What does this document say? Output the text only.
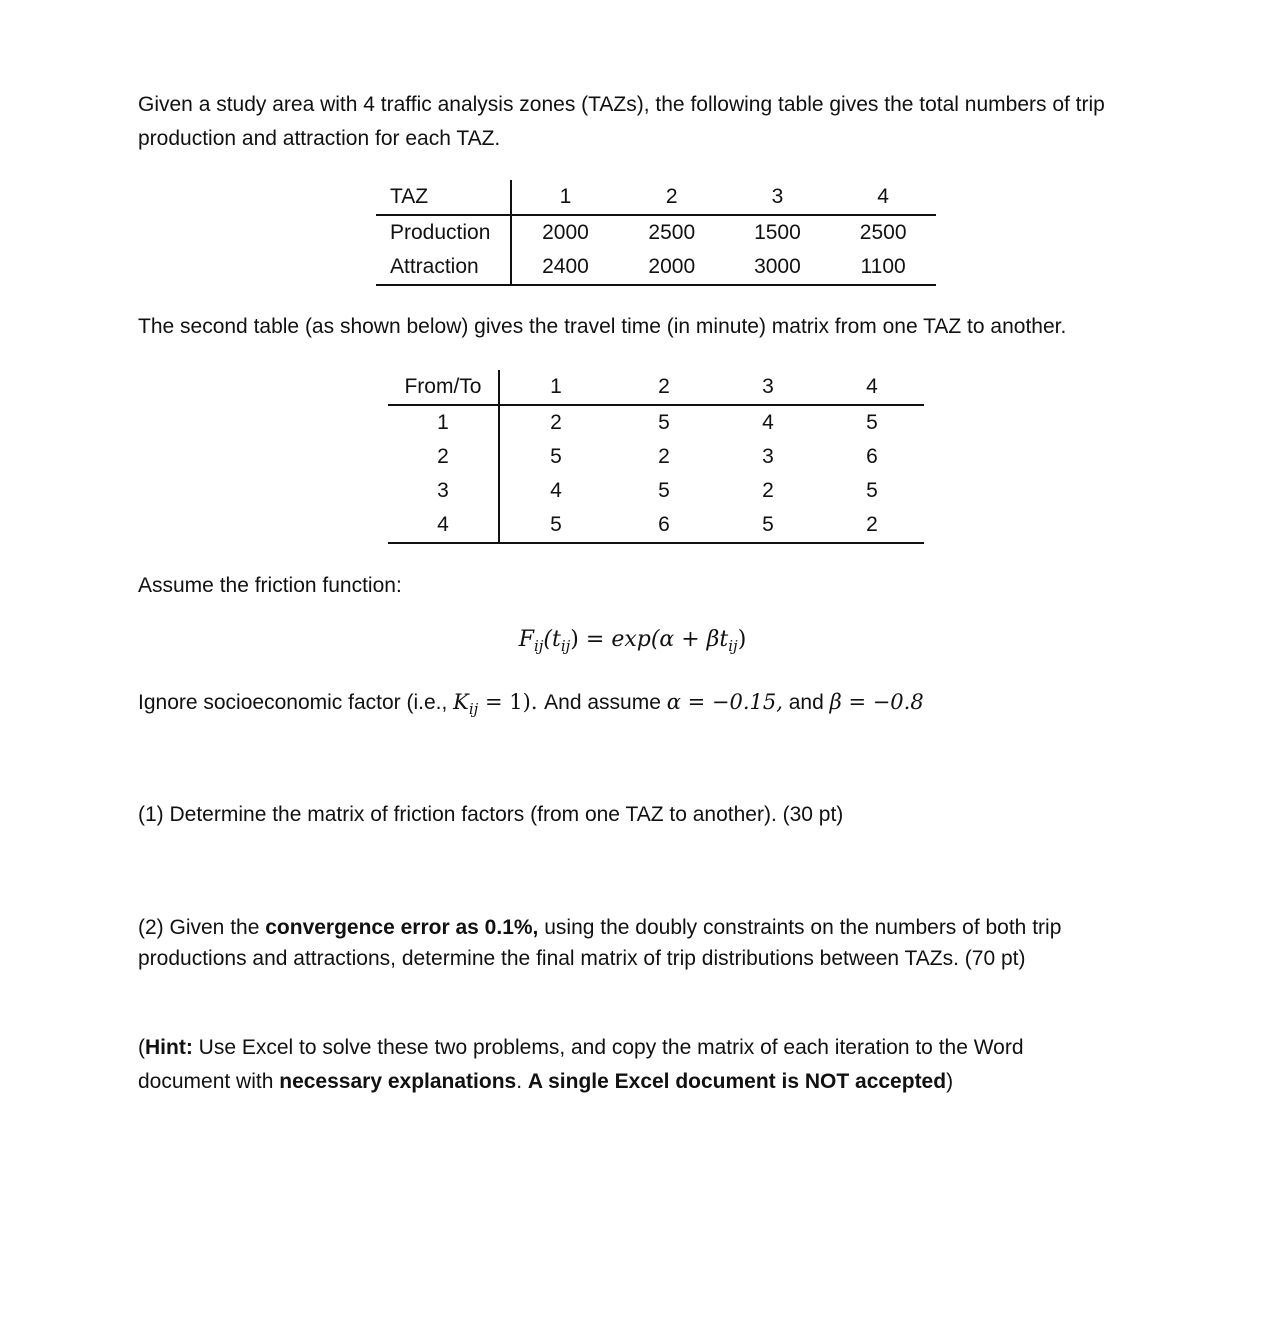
Given a study area with 4 traffic analysis zones (TAZs), the following table gives the total numbers of trip
production and attraction for each TAZ.
TAZ	1	2	3	4
Production	2000	2500	1500	2500
Attraction	2400	2000	3000	1100
The second table (as shown below) gives the travel time (in minute) matrix from one TAZ to another.
From/To	1	2	3	4
1	2	5	4	5
2	5	2	3	6
3	4	5	2	5
4	5	6	5	2
Assume the friction function:
$F_{ij}(t_{ij}) = \exp(\alpha + \beta t_{ij})$
Ignore socioeconomic factor (i.e., $K_{ij} = 1$). And assume α = −0.15, and β = −0.8
(1) Determine the matrix of friction factors (from one TAZ to another). (30 pt)
(2) Given the convergence error as 0.1%, using the doubly constraints on the numbers of both trip
productions and attractions, determine the final matrix of trip distributions between TAZs. (70 pt)
(Hint: Use Excel to solve these two problems, and copy the matrix of each iteration to the Word
document with necessary explanations. A single Excel document is NOT accepted)
